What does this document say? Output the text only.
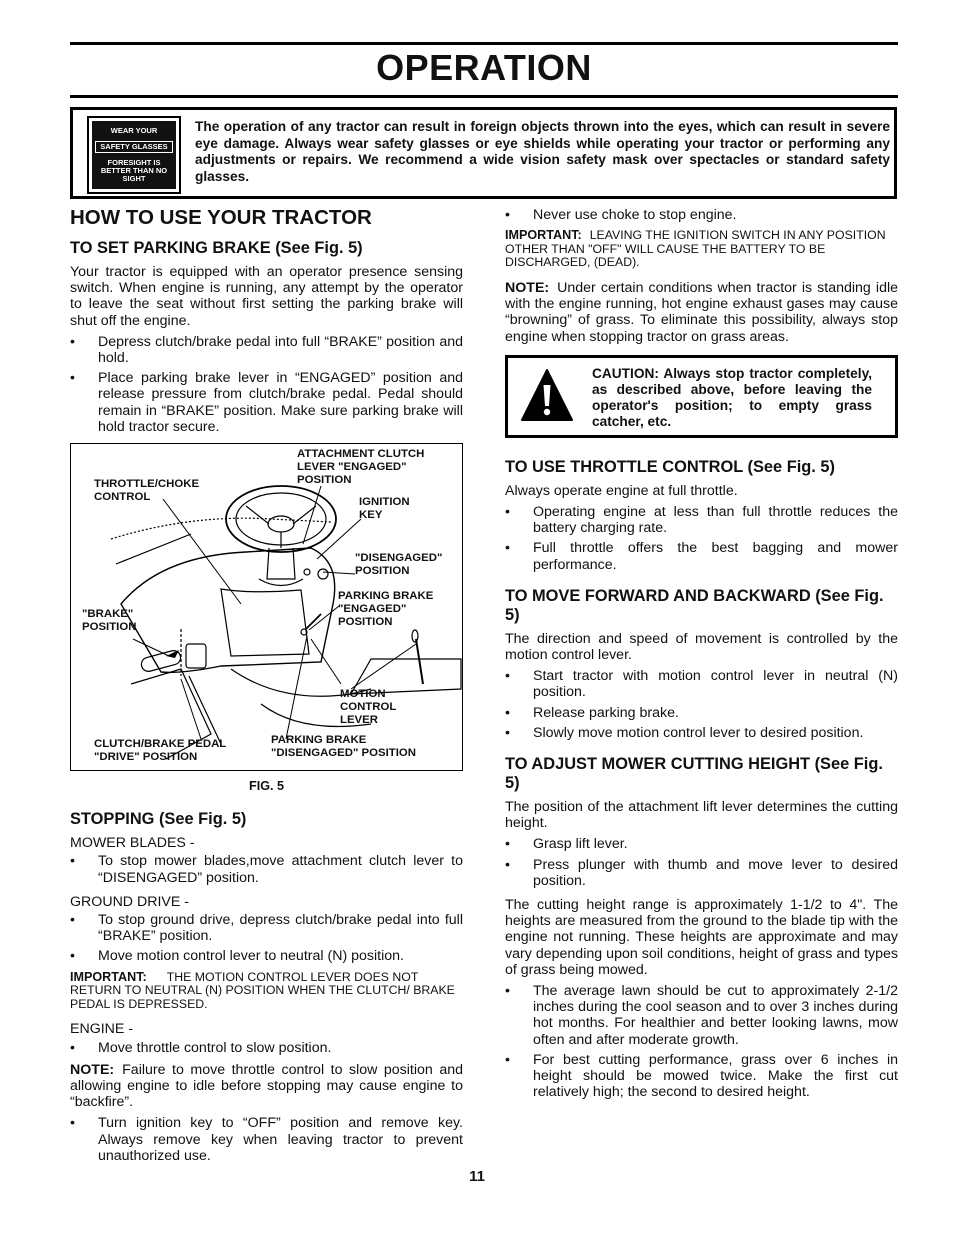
OPERATION
WEAR YOUR
SAFETY GLASSES
FORESIGHT IS BETTER THAN NO SIGHT
The operation of any tractor can result in foreign objects thrown into the eyes, which can result in severe eye damage. Always wear safety glasses or eye shields while operating your tractor or performing any adjustments or repairs. We recommend a wide vision safety mask over spectacles or standard safety glasses.
HOW TO USE YOUR TRACTOR
TO SET PARKING BRAKE (See Fig. 5)

Your tractor is equipped with an operator presence sensing switch. When engine is running, any attempt by the operator to leave the seat without first setting the parking brake will shut off the engine.

• Depress clutch/brake pedal into full “BRAKE” position and hold.
• Place parking brake lever in “ENGAGED” position and release pressure from clutch/brake pedal. Pedal should remain in “BRAKE” position. Make sure parking brake will hold tractor secure.
THROTTLE/CHOKE CONTROL
ATTACHMENT CLUTCH LEVER "ENGAGED" POSITION
IGNITION KEY
"DISENGAGED" POSITION
PARKING BRAKE "ENGAGED" POSITION
"BRAKE" POSITION
MOTION CONTROL LEVER
CLUTCH/BRAKE PEDAL "DRIVE" POSITION
PARKING BRAKE "DISENGAGED" POSITION
FIG. 5
STOPPING (See Fig. 5)

MOWER BLADES -

• To stop mower blades,move attachment clutch lever to “DISENGAGED” position.

GROUND DRIVE -

• To stop ground drive, depress clutch/brake pedal into full “BRAKE” position.
• Move motion control lever to neutral (N) position.

IMPORTANT: THE MOTION CONTROL LEVER DOES NOT RETURN TO NEUTRAL (N) POSITION WHEN THE CLUTCH/ BRAKE PEDAL IS DEPRESSED.

ENGINE -

• Move throttle control to slow position.

NOTE: Failure to move throttle control to slow position and allowing engine to idle before stopping may cause engine to “backfire”.

• Turn ignition key to “OFF” position and remove key. Always remove key when leaving tractor to prevent unauthorized use.
• Never use choke to stop engine.

IMPORTANT: LEAVING THE IGNITION SWITCH IN ANY POSITION OTHER THAN "OFF" WILL CAUSE THE BATTERY TO BE DISCHARGED, (DEAD).

NOTE: Under certain conditions when tractor is standing idle with the engine running, hot engine exhaust gases may cause “browning” of grass. To eliminate this possibility, always stop engine when stopping tractor on grass areas.

CAUTION: Always stop tractor completely, as described above, before leaving the operator's position; to empty grass catcher, etc.
TO USE THROTTLE CONTROL (See Fig. 5)

Always operate engine at full throttle.

• Operating engine at less than full throttle reduces the battery charging rate.
• Full throttle offers the best bagging and mower performance.
TO MOVE FORWARD AND BACKWARD (See Fig. 5)

The direction and speed of movement is controlled by the motion control lever.

• Start tractor with motion control lever in neutral (N) position.
• Release parking brake.
• Slowly move motion control lever to desired position.
TO ADJUST MOWER CUTTING HEIGHT (See Fig. 5)

The position of the attachment lift lever determines the cutting height.

• Grasp lift lever.
• Press plunger with thumb and move lever to desired position.

The cutting height range is approximately 1-1/2 to 4". The heights are measured from the ground to the blade tip with the engine not running. These heights are approximate and may vary depending upon soil conditions, height of grass and types of grass being mowed.

• The average lawn should be cut to approximately 2-1/2 inches during the cool season and to over 3 inches during hot months. For healthier and better looking lawns, mow often and after moderate growth.
• For best cutting performance, grass over 6 inches in height should be mowed twice. Make the first cut relatively high; the second to desired height.
11
